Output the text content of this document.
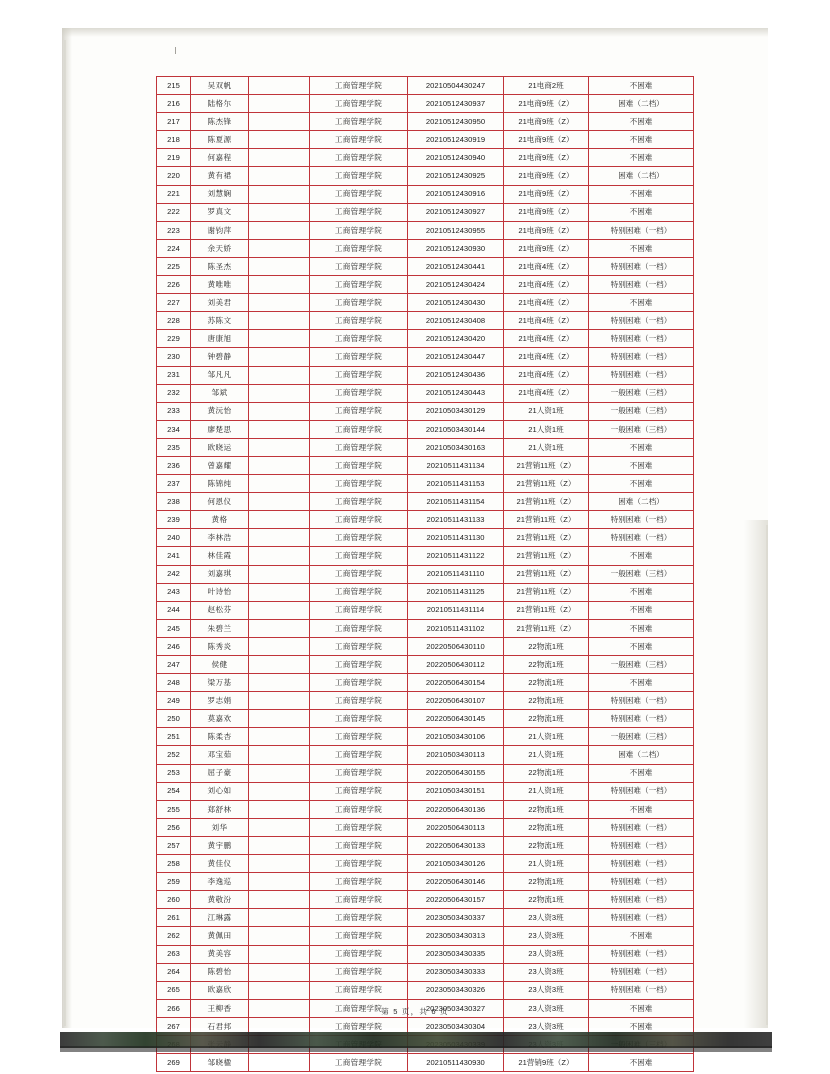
215	吴双帆		工商管理学院	20210504430247	21电商2班	不困难
216	陆格尔		工商管理学院	20210512430937	21电商9班（Z）	困难（二档）
217	陈杰锋		工商管理学院	20210512430950	21电商9班（Z）	不困难
218	陈夏源		工商管理学院	20210512430919	21电商9班（Z）	不困难
219	何嘉程		工商管理学院	20210512430940	21电商9班（Z）	不困难
220	黄有裙		工商管理学院	20210512430925	21电商9班（Z）	困难（二档）
221	刘慧娴		工商管理学院	20210512430916	21电商9班（Z）	不困难
222	罗真文		工商管理学院	20210512430927	21电商9班（Z）	不困难
223	谢钧萍		工商管理学院	20210512430955	21电商9班（Z）	特别困难（一档）
224	余天娇		工商管理学院	20210512430930	21电商9班（Z）	不困难
225	陈圣杰		工商管理学院	20210512430441	21电商4班（Z）	特别困难（一档）
226	黄唯唯		工商管理学院	20210512430424	21电商4班（Z）	特别困难（一档）
227	刘美君		工商管理学院	20210512430430	21电商4班（Z）	不困难
228	苏陈文		工商管理学院	20210512430408	21电商4班（Z）	特别困难（一档）
229	唐康旭		工商管理学院	20210512430420	21电商4班（Z）	特别困难（一档）
230	钟碧静		工商管理学院	20210512430447	21电商4班（Z）	特别困难（一档）
231	邹凡凡		工商管理学院	20210512430436	21电商4班（Z）	特别困难（一档）
232	邹斌		工商管理学院	20210512430443	21电商4班（Z）	一般困难（三档）
233	黄沅怡		工商管理学院	20210503430129	21人资1班	一般困难（三档）
234	廖楚思		工商管理学院	20210503430144	21人资1班	一般困难（三档）
235	欧晓运		工商管理学院	20210503430163	21人资1班	不困难
236	曾嘉耀		工商管理学院	20210511431134	21营销11班（Z）	不困难
237	陈锦纯		工商管理学院	20210511431153	21营销11班（Z）	不困难
238	何恩仪		工商管理学院	20210511431154	21营销11班（Z）	困难（二档）
239	黄格		工商管理学院	20210511431133	21营销11班（Z）	特别困难（一档）
240	李林浩		工商管理学院	20210511431130	21营销11班（Z）	特别困难（一档）
241	林佳霞		工商管理学院	20210511431122	21营销11班（Z）	不困难
242	刘嘉琪		工商管理学院	20210511431110	21营销11班（Z）	一般困难（三档）
243	叶诗怡		工商管理学院	20210511431125	21营销11班（Z）	不困难
244	赵松芬		工商管理学院	20210511431114	21营销11班（Z）	不困难
245	朱碧兰		工商管理学院	20210511431102	21营销11班（Z）	不困难
246	陈秀炎		工商管理学院	20220506430110	22物流1班	不困难
247	侯健		工商管理学院	20220506430112	22物流1班	一般困难（三档）
248	梁万基		工商管理学院	20220506430154	22物流1班	不困难
249	罗志娟		工商管理学院	20220506430107	22物流1班	特别困难（一档）
250	莫嘉欢		工商管理学院	20220506430145	22物流1班	特别困难（一档）
251	陈柔杏		工商管理学院	20210503430106	21人资1班	一般困难（三档）
252	邓宝茹		工商管理学院	20210503430113	21人资1班	困难（二档）
253	屈子豪		工商管理学院	20220506430155	22物流1班	不困难
254	刘心如		工商管理学院	20210503430151	21人资1班	特别困难（一档）
255	郑舒林		工商管理学院	20220506430136	22物流1班	不困难
256	刘华		工商管理学院	20220506430113	22物流1班	特别困难（一档）
257	黄宇鹏		工商管理学院	20220506430133	22物流1班	特别困难（一档）
258	黄佳仪		工商管理学院	20210503430126	21人资1班	特别困难（一档）
259	李逸巡		工商管理学院	20220506430146	22物流1班	特别困难（一档）
260	黄敬汾		工商管理学院	20220506430157	22物流1班	特别困难（一档）
261	江琳露		工商管理学院	20230503430337	23人资3班	特别困难（一档）
262	黄佩田		工商管理学院	20230503430313	23人资3班	不困难
263	黄美容		工商管理学院	20230503430335	23人资3班	特别困难（一档）
264	陈碧怡		工商管理学院	20230503430333	23人资3班	特别困难（一档）
265	欧嘉欣		工商管理学院	20230503430326	23人资3班	特别困难（一档）
266	王柳香		工商管理学院	20230503430327	23人资3班	不困难
267	石君邦		工商管理学院	20230503430304	23人资3班	不困难

269	邹晓楹		工商管理学院	20210511430930	21营销9班（Z）	不困难
第 5 页，共 6 页
